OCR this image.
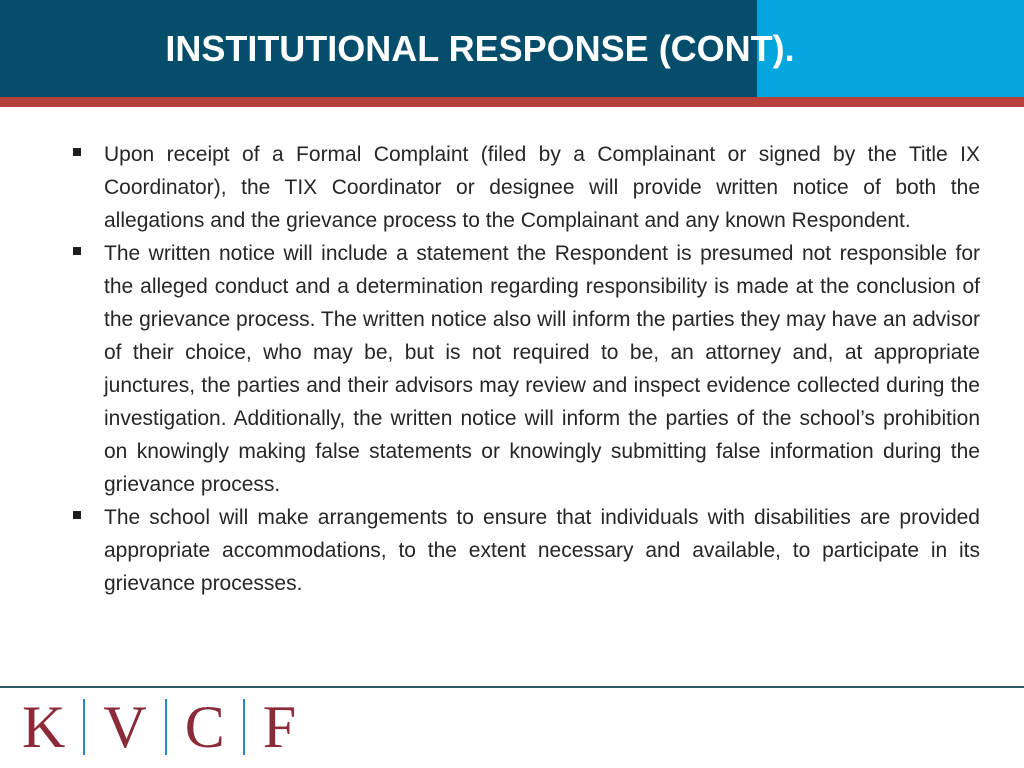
INSTITUTIONAL RESPONSE (CONT).
Upon receipt of a Formal Complaint (filed by a Complainant or signed by the Title IX Coordinator), the TIX Coordinator or designee will provide written notice of both the allegations and the grievance process to the Complainant and any known Respondent.
The written notice will include a statement the Respondent is presumed not responsible for the alleged conduct and a determination regarding responsibility is made at the conclusion of the grievance process. The written notice also will inform the parties they may have an advisor of their choice, who may be, but is not required to be, an attorney and, at appropriate junctures, the parties and their advisors may review and inspect evidence collected during the investigation. Additionally, the written notice will inform the parties of the school’s prohibition on knowingly making false statements or knowingly submitting false information during the grievance process.
The school will make arrangements to ensure that individuals with disabilities are provided appropriate accommodations, to the extent necessary and available, to participate in its grievance processes.
K V C F
